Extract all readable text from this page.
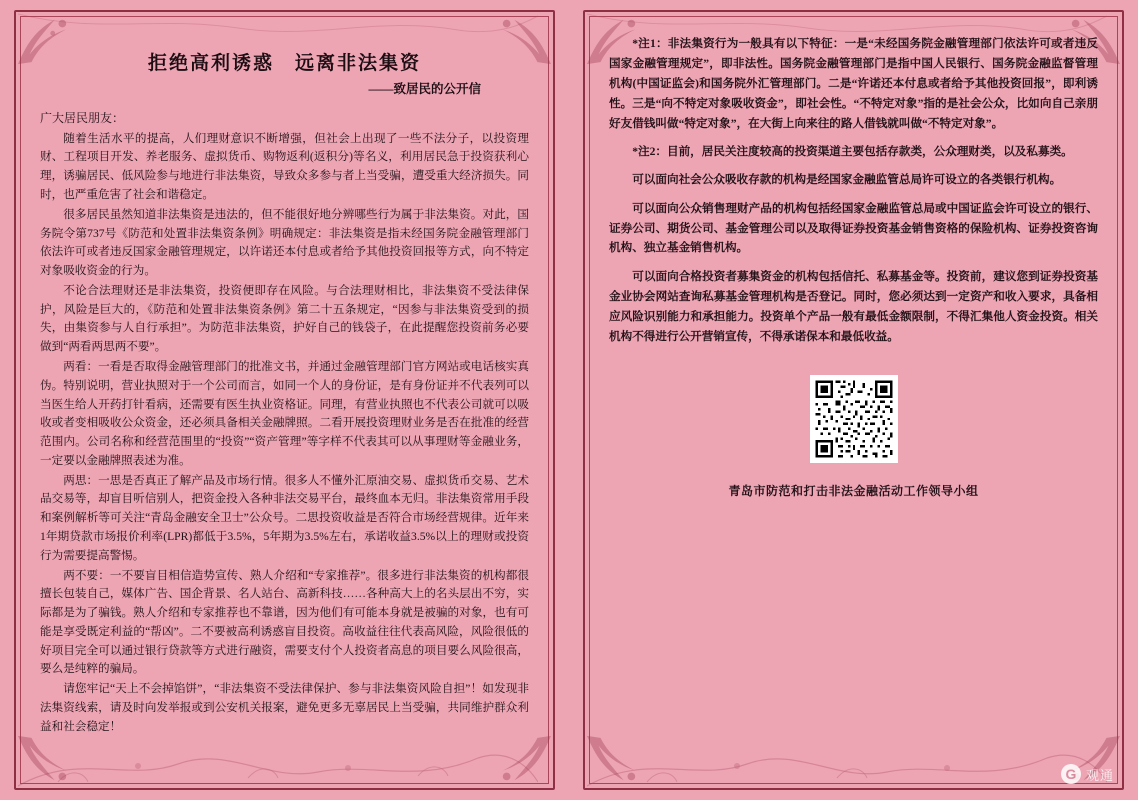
拒绝高利诱惑　远离非法集资
——致居民的公开信
广大居民朋友：

随着生活水平的提高，人们理财意识不断增强，但社会上出现了一些不法分子，以投资理财、工程项目开发、养老服务、虚拟货币、购物返利(返积分)等名义，利用居民急于投资获利心理，诱骗居民、低风险参与地进行非法集资，导致众多参与者上当受骗，遭受重大经济损失。同时，也严重危害了社会和谐稳定。

很多居民虽然知道非法集资是违法的，但不能很好地分辨哪些行为属于非法集资。对此，国务院令第737号《防范和处置非法集资条例》明确规定：非法集资是指未经国务院金融管理部门依法许可或者违反国家金融管理规定，以许诺还本付息或者给予其他投资回报等方式，向不特定对象吸收资金的行为。

不论合法理财还是非法集资，投资便即存在风险。与合法理财相比，非法集资不受法律保护，风险是巨大的，《防范和处置非法集资条例》第二十五条规定，“因参与非法集资受到的损失，由集资参与人自行承担”。为防范非法集资，护好自己的钱袋子，在此提醒您投资前务必要做到“两看两思两不要”。

两看：一看是否取得金融管理部门的批准文书，并通过金融管理部门官方网站或电话核实真伪。特别说明，营业执照对于一个公司而言，如同一个人的身份证，是有身份证并不代表列可以当医生给人开药打针看病，还需要有医生执业资格证。同理，有营业执照也不代表公司就可以吸收或者变相吸收公众资金，还必须具备相关金融牌照。二看开展投资理财业务是否在批准的经营范围内。公司名称和经营范围里的“投资”“资产管理”等字样不代表其可以从事理财等金融业务，一定要以金融牌照表述为准。

两思：一思是否真正了解产品及市场行情。很多人不懂外汇原油交易、虚拟货币交易、艺术品交易等，却盲目听信别人，把资金投入各种非法交易平台，最终血本无归。非法集资常用手段和案例解析等可关注“青岛金融安全卫士”公众号。二思投资收益是否符合市场经营规律。近年来1年期贷款市场报价利率(LPR)都低于3.5%，5年期为3.5%左右，承诺收益3.5%以上的理财或投资行为需要提高警惕。

两不要：一不要盲目相信造势宣传、熟人介绍和“专家推荐”。很多进行非法集资的机构都很擅长包装自己，媒体广告、国企背景、名人站台、高新科技……各种高大上的名头层出不穷，实际都是为了骗钱。熟人介绍和专家推荐也不靠谱，因为他们有可能本身就是被骗的对象，也有可能是享受既定利益的“帮凶”。二不要被高利诱惑盲目投资。高收益往往代表高风险，风险很低的好项目完全可以通过银行贷款等方式进行融资，需要支付个人投资者高息的项目要么风险很高，要么是纯粹的骗局。

请您牢记“天上不会掉馅饼”，“非法集资不受法律保护、参与非法集资风险自担”！如发现非法集资线索，请及时向发举报或到公安机关报案，避免更多无辜居民上当受骗，共同维护群众利益和社会稳定！

*注1：非法集资行为一般具有以下特征：一是“未经国务院金融管理部门依法许可或者违反国家金融管理规定”，即非法性。国务院金融管理部门是指中国人民银行、国务院金融监督管理机构(中国证监会)和国务院外汇管理部门。二是“许诺还本付息或者给予其他投资回报”，即利诱性。三是“向不特定对象吸收资金”，即社会性。“不特定对象”指的是社会公众，比如向自己亲朋好友借钱叫做“特定对象”，在大街上向来往的路人借钱就叫做“不特定对象”。

*注2：目前，居民关注度较高的投资渠道主要包括存款类，公众理财类，以及私募类。

可以面向社会公众吸收存款的机构是经国家金融监管总局许可设立的各类银行机构。

可以面向公众销售理财产品的机构包括经国家金融监管总局或中国证监会许可设立的银行、证券公司、期货公司、基金管理公司以及取得证券投资基金销售资格的保险机构、证券投资咨询机构、独立基金销售机构。

可以面向合格投资者募集资金的机构包括信托、私募基金等。投资前，建议您到证券投资基金业协会网站查询私募基金管理机构是否登记。同时，您必须达到一定资产和收入要求，具备相应风险识别能力和承担能力。投资单个产品一般有最低金额限制，不得汇集他人资金投资。相关机构不得进行公开营销宣传，不得承诺保本和最低收益。

青岛市防范和打击非法金融活动工作领导小组
G 观通
